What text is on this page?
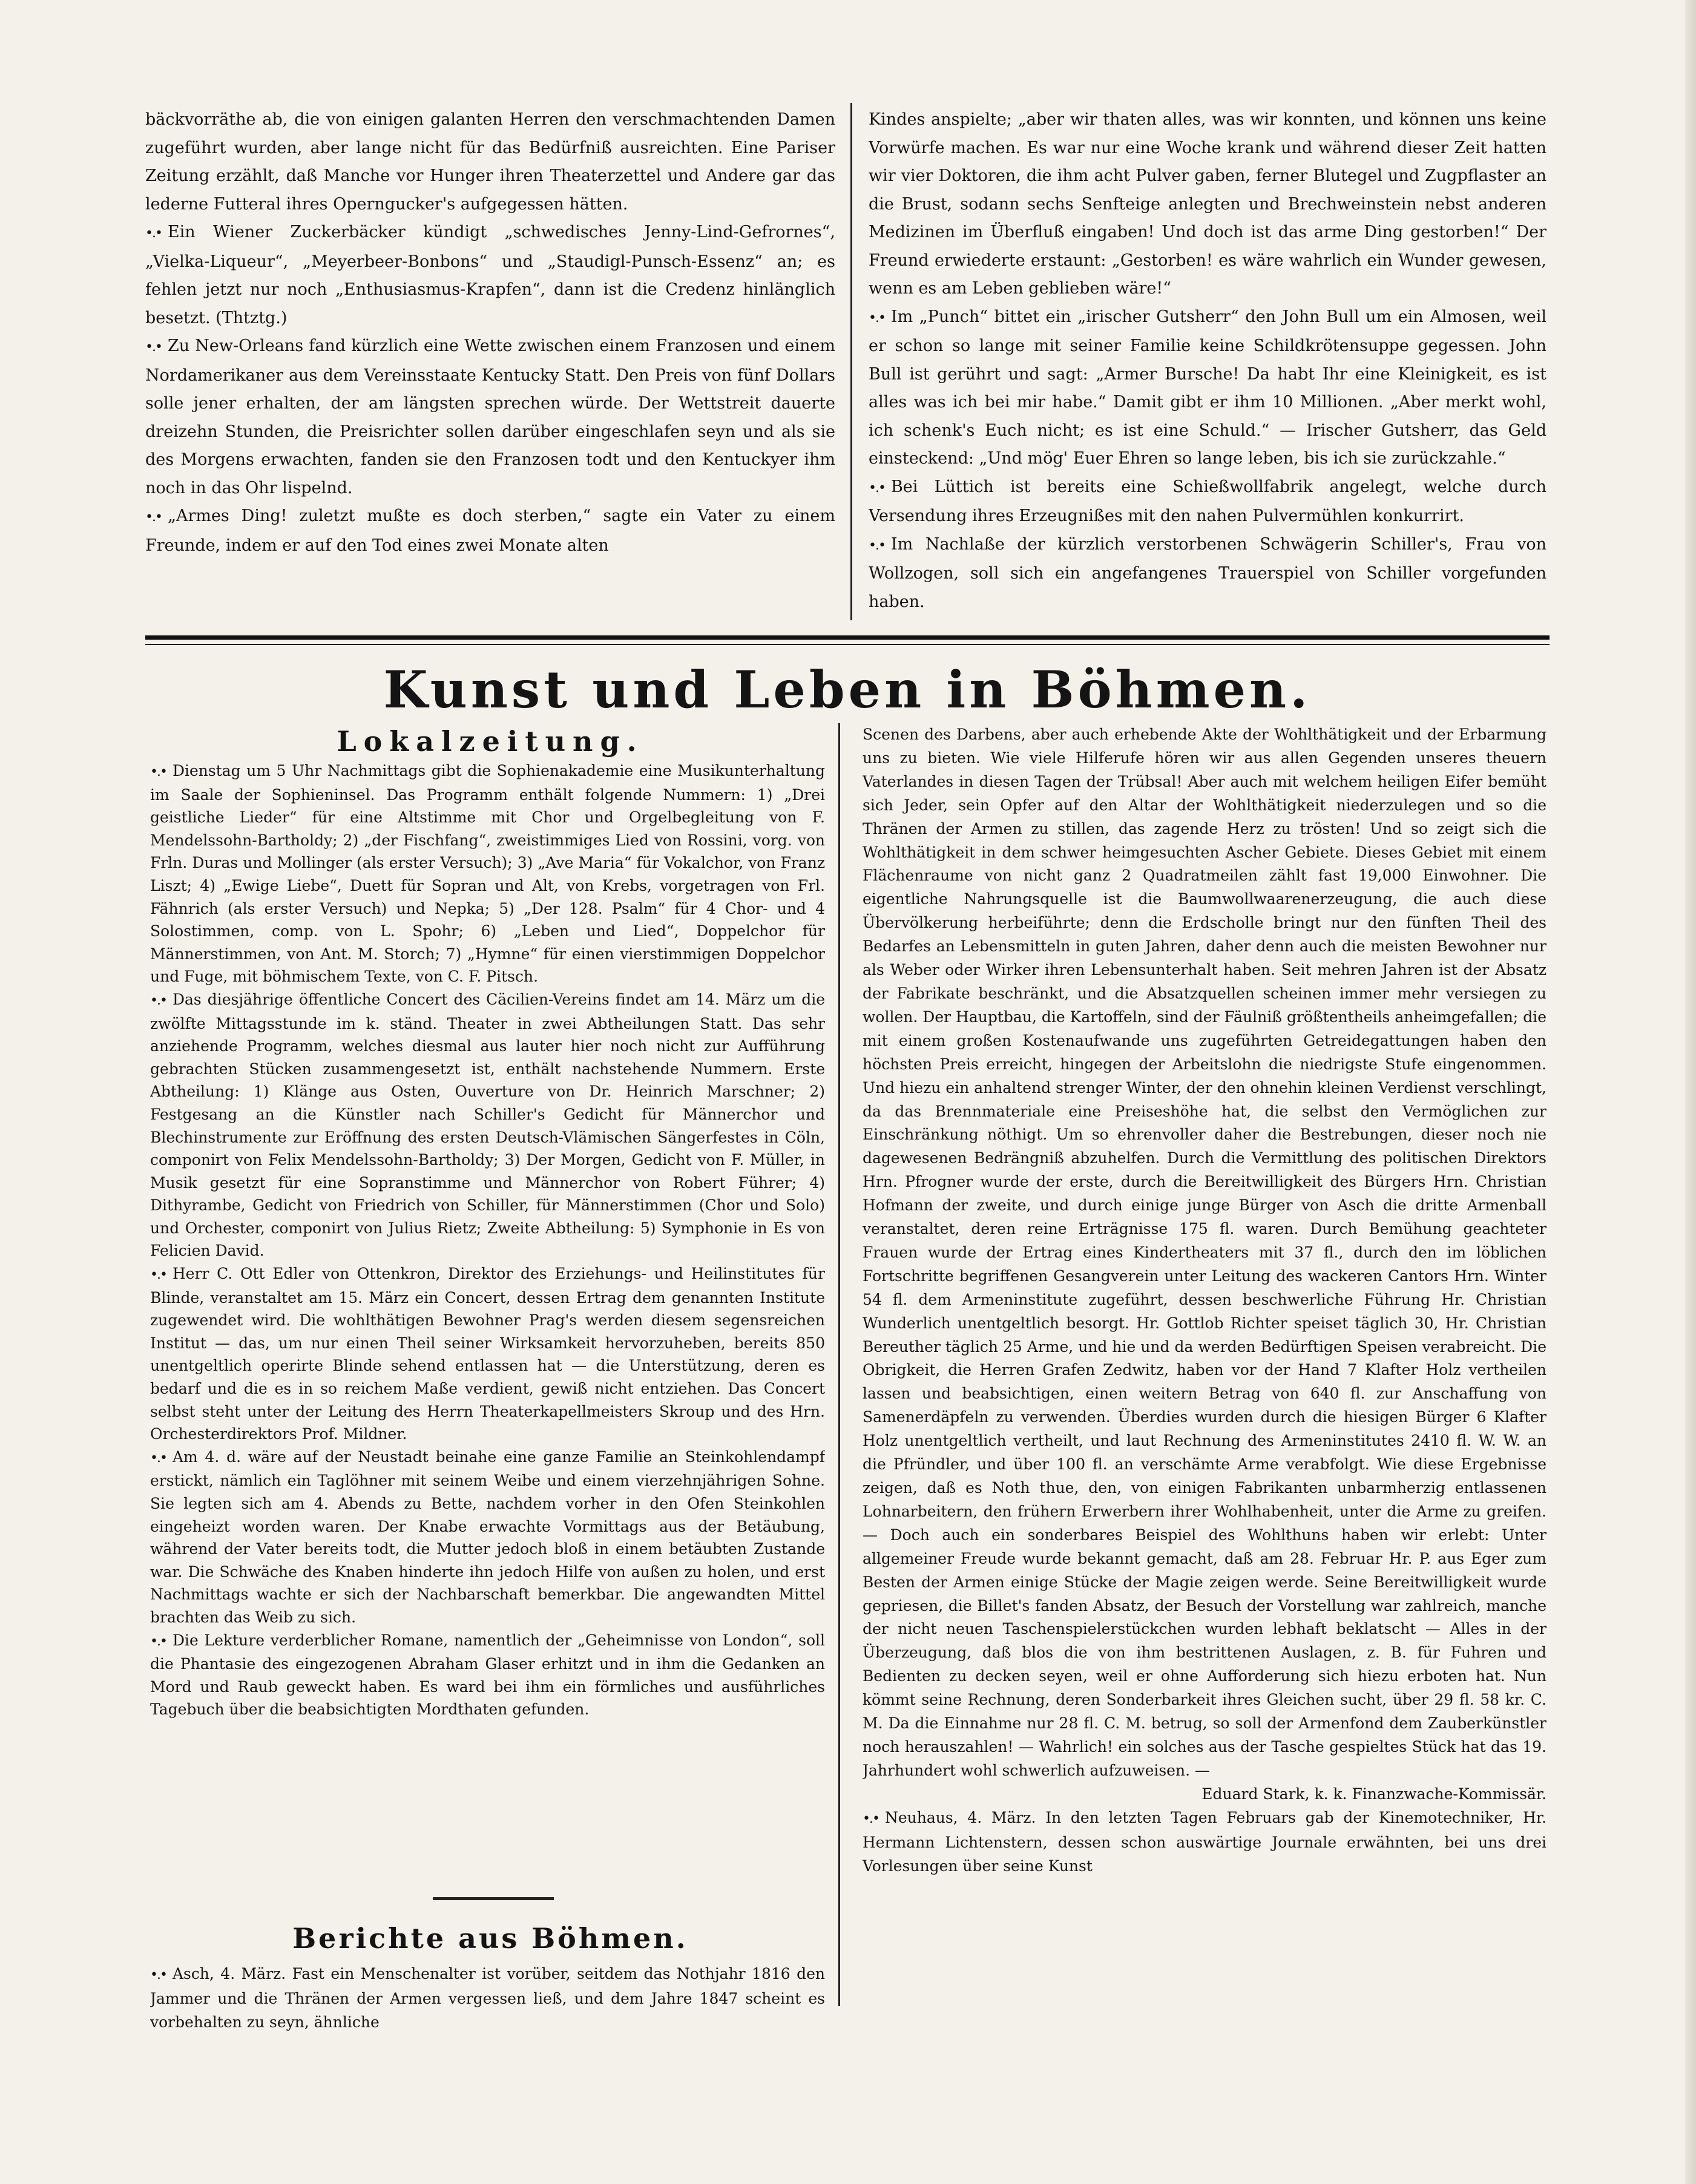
bäckvorräthe ab, die von einigen galanten Herren den verschmachtenden Damen zugeführt wurden, aber lange nicht für das Bedürfniß ausreichten. Eine Pariser Zeitung erzählt, daß Manche vor Hunger ihren Theaterzettel und Andere gar das lederne Futteral ihres Operngucker's aufgegessen hätten.

•.• Ein Wiener Zuckerbäcker kündigt „schwedisches Jenny-Lind-Gefrornes“, „Vielka-Liqueur“, „Meyerbeer-Bonbons“ und „Staudigl-Punsch-Essenz“ an; es fehlen jetzt nur noch „Enthusiasmus-Krapfen“, dann ist die Credenz hinlänglich besetzt. (Thtztg.)

•.• Zu New-Orleans fand kürzlich eine Wette zwischen einem Franzosen und einem Nordamerikaner aus dem Vereinsstaate Kentucky Statt. Den Preis von fünf Dollars solle jener erhalten, der am längsten sprechen würde. Der Wettstreit dauerte dreizehn Stunden, die Preisrichter sollen darüber eingeschlafen seyn und als sie des Morgens erwachten, fanden sie den Franzosen todt und den Kentuckyer ihm noch in das Ohr lispelnd.

•.• „Armes Ding! zuletzt mußte es doch sterben,“ sagte ein Vater zu einem Freunde, indem er auf den Tod eines zwei Monate alten

Kindes anspielte; „aber wir thaten alles, was wir konnten, und können uns keine Vorwürfe machen. Es war nur eine Woche krank und während dieser Zeit hatten wir vier Doktoren, die ihm acht Pulver gaben, ferner Blutegel und Zugpflaster an die Brust, sodann sechs Senfteige anlegten und Brechweinstein nebst anderen Medizinen im Überfluß eingaben! Und doch ist das arme Ding gestorben!“ Der Freund erwiederte erstaunt: „Gestorben! es wäre wahrlich ein Wunder gewesen, wenn es am Leben geblieben wäre!“

•.• Im „Punch“ bittet ein „irischer Gutsherr“ den John Bull um ein Almosen, weil er schon so lange mit seiner Familie keine Schildkrötensuppe gegessen. John Bull ist gerührt und sagt: „Armer Bursche! Da habt Ihr eine Kleinigkeit, es ist alles was ich bei mir habe.“ Damit gibt er ihm 10 Millionen. „Aber merkt wohl, ich schenk's Euch nicht; es ist eine Schuld.“ — Irischer Gutsherr, das Geld einsteckend: „Und mög' Euer Ehren so lange leben, bis ich sie zurückzahle.“

•.• Bei Lüttich ist bereits eine Schießwollfabrik angelegt, welche durch Versendung ihres Erzeugnißes mit den nahen Pulvermühlen konkurrirt.

•.• Im Nachlaße der kürzlich verstorbenen Schwägerin Schiller's, Frau von Wollzogen, soll sich ein angefangenes Trauerspiel von Schiller vorgefunden haben.

Kunst und Leben in Böhmen.
Lokalzeitung.

•.• Dienstag um 5 Uhr Nachmittags gibt die Sophienakademie eine Musikunterhaltung im Saale der Sophieninsel. Das Programm enthält folgende Nummern: 1) „Drei geistliche Lieder“ für eine Altstimme mit Chor und Orgelbegleitung von F. Mendelssohn-Bartholdy; 2) „der Fischfang“, zweistimmiges Lied von Rossini, vorg. von Frln. Duras und Mollinger (als erster Versuch); 3) „Ave Maria“ für Vokalchor, von Franz Liszt; 4) „Ewige Liebe“, Duett für Sopran und Alt, von Krebs, vorgetragen von Frl. Fähnrich (als erster Versuch) und Nepka; 5) „Der 128. Psalm“ für 4 Chor- und 4 Solostimmen, comp. von L. Spohr; 6) „Leben und Lied“, Doppelchor für Männerstimmen, von Ant. M. Storch; 7) „Hymne“ für einen vierstimmigen Doppelchor und Fuge, mit böhmischem Texte, von C. F. Pitsch.

•.• Das diesjährige öffentliche Concert des Cäcilien-Vereins findet am 14. März um die zwölfte Mittagsstunde im k. ständ. Theater in zwei Abtheilungen Statt. Das sehr anziehende Programm, welches diesmal aus lauter hier noch nicht zur Aufführung gebrachten Stücken zusammengesetzt ist, enthält nachstehende Nummern. Erste Abtheilung: 1) Klänge aus Osten, Ouverture von Dr. Heinrich Marschner; 2) Festgesang an die Künstler nach Schiller's Gedicht für Männerchor und Blechinstrumente zur Eröffnung des ersten Deutsch-Vlämischen Sängerfestes in Cöln, componirt von Felix Mendelssohn-Bartholdy; 3) Der Morgen, Gedicht von F. Müller, in Musik gesetzt für eine Sopranstimme und Männerchor von Robert Führer; 4) Dithyrambe, Gedicht von Friedrich von Schiller, für Männerstimmen (Chor und Solo) und Orchester, componirt von Julius Rietz; Zweite Abtheilung: 5) Symphonie in Es von Felicien David.

•.• Herr C. Ott Edler von Ottenkron, Direktor des Erziehungs- und Heilinstitutes für Blinde, veranstaltet am 15. März ein Concert, dessen Ertrag dem genannten Institute zugewendet wird. Die wohlthätigen Bewohner Prag's werden diesem segensreichen Institut — das, um nur einen Theil seiner Wirksamkeit hervorzuheben, bereits 850 unentgeltlich operirte Blinde sehend entlassen hat — die Unterstützung, deren es bedarf und die es in so reichem Maße verdient, gewiß nicht entziehen. Das Concert selbst steht unter der Leitung des Herrn Theaterkapellmeisters Skroup und des Hrn. Orchesterdirektors Prof. Mildner.

•.• Am 4. d. wäre auf der Neustadt beinahe eine ganze Familie an Steinkohlendampf erstickt, nämlich ein Taglöhner mit seinem Weibe und einem vierzehnjährigen Sohne. Sie legten sich am 4. Abends zu Bette, nachdem vorher in den Ofen Steinkohlen eingeheizt worden waren. Der Knabe erwachte Vormittags aus der Betäubung, während der Vater bereits todt, die Mutter jedoch bloß in einem betäubten Zustande war. Die Schwäche des Knaben hinderte ihn jedoch Hilfe von außen zu holen, und erst Nachmittags wachte er sich der Nachbarschaft bemerkbar. Die angewandten Mittel brachten das Weib zu sich.

•.• Die Lekture verderblicher Romane, namentlich der „Geheimnisse von London“, soll die Phantasie des eingezogenen Abraham Glaser erhitzt und in ihm die Gedanken an Mord und Raub geweckt haben. Es ward bei ihm ein förmliches und ausführliches Tagebuch über die beabsichtigten Mordthaten gefunden.

Berichte aus Böhmen.

•.• Asch, 4. März. Fast ein Menschenalter ist vorüber, seitdem das Nothjahr 1816 den Jammer und die Thränen der Armen vergessen ließ, und dem Jahre 1847 scheint es vorbehalten zu seyn, ähnliche

Scenen des Darbens, aber auch erhebende Akte der Wohlthätigkeit und der Erbarmung uns zu bieten. Wie viele Hilferufe hören wir aus allen Gegenden unseres theuern Vaterlandes in diesen Tagen der Trübsal! Aber auch mit welchem heiligen Eifer bemüht sich Jeder, sein Opfer auf den Altar der Wohlthätigkeit niederzulegen und so die Thränen der Armen zu stillen, das zagende Herz zu trösten! Und so zeigt sich die Wohlthätigkeit in dem schwer heimgesuchten Ascher Gebiete. Dieses Gebiet mit einem Flächenraume von nicht ganz 2 Quadratmeilen zählt fast 19,000 Einwohner. Die eigentliche Nahrungsquelle ist die Baumwollwaarenerzeugung, die auch diese Übervölkerung herbeiführte; denn die Erdscholle bringt nur den fünften Theil des Bedarfes an Lebensmitteln in guten Jahren, daher denn auch die meisten Bewohner nur als Weber oder Wirker ihren Lebensunterhalt haben. Seit mehren Jahren ist der Absatz der Fabrikate beschränkt, und die Absatzquellen scheinen immer mehr versiegen zu wollen. Der Hauptbau, die Kartoffeln, sind der Fäulniß größtentheils anheimgefallen; die mit einem großen Kostenaufwande uns zugeführten Getreidegattungen haben den höchsten Preis erreicht, hingegen der Arbeitslohn die niedrigste Stufe eingenommen. Und hiezu ein anhaltend strenger Winter, der den ohnehin kleinen Verdienst verschlingt, da das Brennmateriale eine Preiseshöhe hat, die selbst den Vermöglichen zur Einschränkung nöthigt. Um so ehrenvoller daher die Bestrebungen, dieser noch nie dagewesenen Bedrängniß abzuhelfen. Durch die Vermittlung des politischen Direktors Hrn. Pfrogner wurde der erste, durch die Bereitwilligkeit des Bürgers Hrn. Christian Hofmann der zweite, und durch einige junge Bürger von Asch die dritte Armenball veranstaltet, deren reine Erträgnisse 175 fl. waren. Durch Bemühung geachteter Frauen wurde der Ertrag eines Kindertheaters mit 37 fl., durch den im löblichen Fortschritte begriffenen Gesangverein unter Leitung des wackeren Cantors Hrn. Winter 54 fl. dem Armeninstitute zugeführt, dessen beschwerliche Führung Hr. Christian Wunderlich unentgeltlich besorgt. Hr. Gottlob Richter speiset täglich 30, Hr. Christian Bereuther täglich 25 Arme, und hie und da werden Bedürftigen Speisen verabreicht. Die Obrigkeit, die Herren Grafen Zedwitz, haben vor der Hand 7 Klafter Holz vertheilen lassen und beabsichtigen, einen weitern Betrag von 640 fl. zur Anschaffung von Samenerdäpfeln zu verwenden. Überdies wurden durch die hiesigen Bürger 6 Klafter Holz unentgeltlich vertheilt, und laut Rechnung des Armeninstitutes 2410 fl. W. W. an die Pfründler, und über 100 fl. an verschämte Arme verabfolgt. Wie diese Ergebnisse zeigen, daß es Noth thue, den, von einigen Fabrikanten unbarmherzig entlassenen Lohnarbeitern, den frühern Erwerbern ihrer Wohlhabenheit, unter die Arme zu greifen. — Doch auch ein sonderbares Beispiel des Wohlthuns haben wir erlebt: Unter allgemeiner Freude wurde bekannt gemacht, daß am 28. Februar Hr. P. aus Eger zum Besten der Armen einige Stücke der Magie zeigen werde. Seine Bereitwilligkeit wurde gepriesen, die Billet's fanden Absatz, der Besuch der Vorstellung war zahlreich, manche der nicht neuen Taschenspielerstückchen wurden lebhaft beklatscht — Alles in der Überzeugung, daß blos die von ihm bestrittenen Auslagen, z. B. für Fuhren und Bedienten zu decken seyen, weil er ohne Aufforderung sich hiezu erboten hat. Nun kömmt seine Rechnung, deren Sonderbarkeit ihres Gleichen sucht, über 29 fl. 58 kr. C. M. Da die Einnahme nur 28 fl. C. M. betrug, so soll der Armenfond dem Zauberkünstler noch herauszahlen! — Wahrlich! ein solches aus der Tasche gespieltes Stück hat das 19. Jahrhundert wohl schwerlich aufzuweisen. —

Eduard Stark, k. k. Finanzwache-Kommissär.

•.• Neuhaus, 4. März. In den letzten Tagen Februars gab der Kinemotechniker, Hr. Hermann Lichtenstern, dessen schon auswärtige Journale erwähnten, bei uns drei Vorlesungen über seine Kunst
